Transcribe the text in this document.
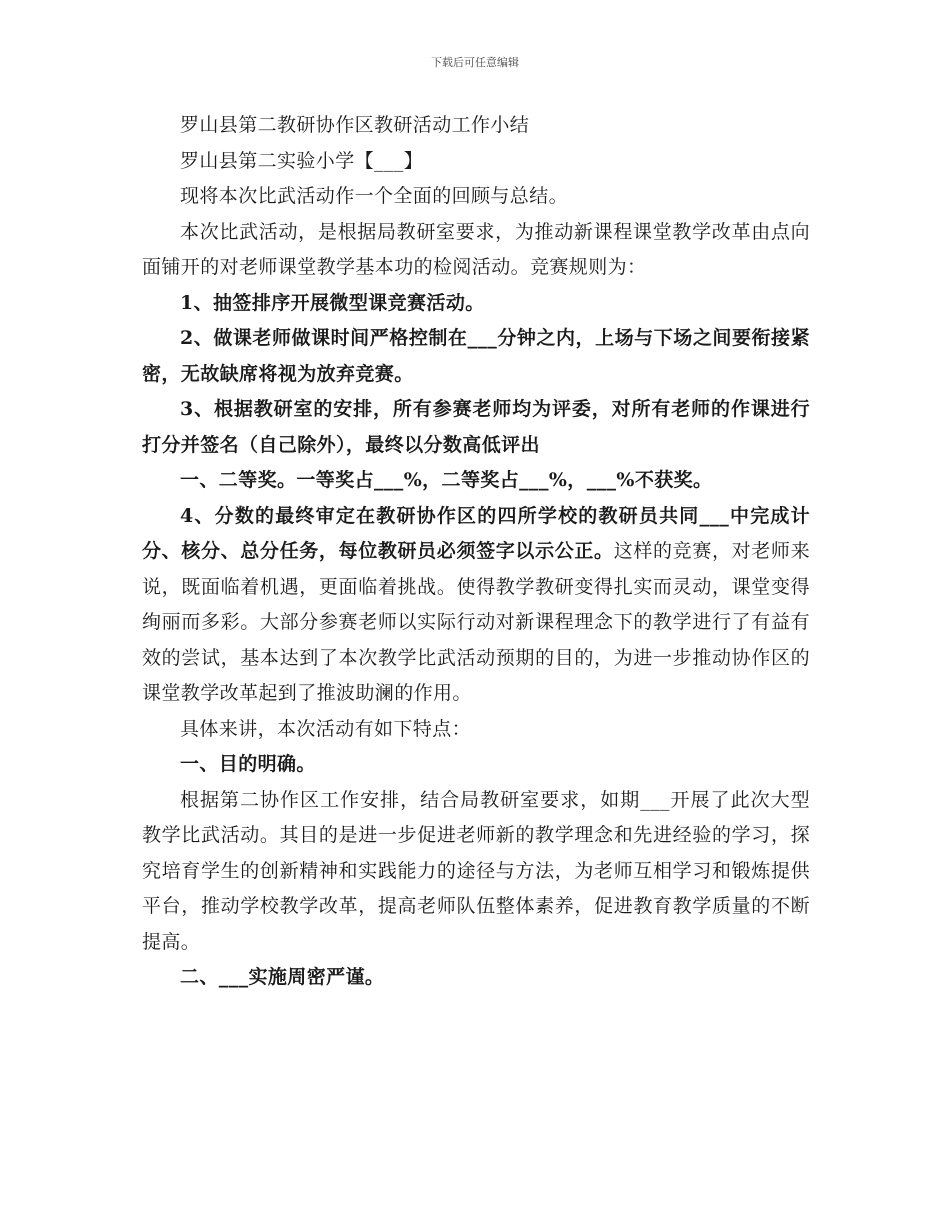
下载后可任意编辑

罗山县第二教研协作区教研活动工作小结

罗山县第二实验小学【___】

现将本次比武活动作一个全面的回顾与总结。

本次比武活动，是根据局教研室要求，为推动新课程课堂教学改革由点向面铺开的对老师课堂教学基本功的检阅活动。竞赛规则为：

1、抽签排序开展微型课竞赛活动。

2、做课老师做课时间严格控制在___分钟之内，上场与下场之间要衔接紧密，无故缺席将视为放弃竞赛。

3、根据教研室的安排，所有参赛老师均为评委，对所有老师的作课进行打分并签名（自己除外），最终以分数高低评出

一、二等奖。一等奖占___%，二等奖占___%，___%不获奖。

4、分数的最终审定在教研协作区的四所学校的教研员共同___中完成计分、核分、总分任务，每位教研员必须签字以示公正。这样的竞赛，对老师来说，既面临着机遇，更面临着挑战。使得教学教研变得扎实而灵动，课堂变得绚丽而多彩。大部分参赛老师以实际行动对新课程理念下的教学进行了有益有效的尝试，基本达到了本次教学比武活动预期的目的，为进一步推动协作区的课堂教学改革起到了推波助澜的作用。

具体来讲，本次活动有如下特点：

一、目的明确。

根据第二协作区工作安排，结合局教研室要求，如期___开展了此次大型教学比武活动。其目的是进一步促进老师新的教学理念和先进经验的学习，探究培育学生的创新精神和实践能力的途径与方法，为老师互相学习和锻炼提供平台，推动学校教学改革，提高老师队伍整体素养，促进教育教学质量的不断提高。

二、___实施周密严谨。
